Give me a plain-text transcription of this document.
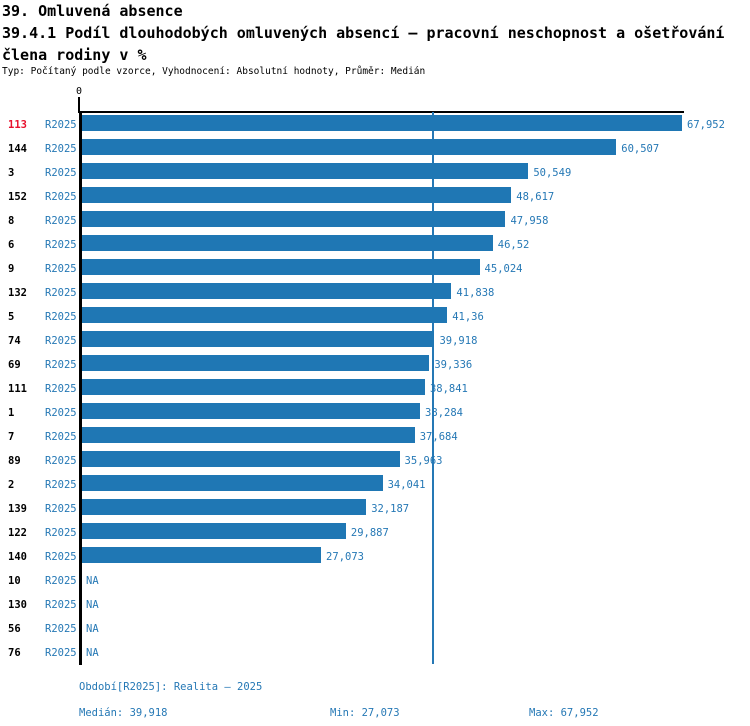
39. Omluvená absence
39.4.1 Podíl dlouhodobých omluvených absencí – pracovní neschopnost a ošetřování
člena rodiny v %
Typ: Počítaný podle vzorce, Vyhodnocení: Absolutní hodnoty, Průměr: Medián
0
113 R2025	67,952
144 R2025	60,507
3	R2025	50,549
152 R2025	48,617
8	R2025	47,958
6	R2025	46,52
9	R2025	45,024
132 R2025	41,838
5	R2025	41,36
74 R2025	39,918
69 R2025	39,336
111 R2025	38,841
1	R2025	38,284
7	R2025	37,684
89 R2025	35,963
2	R2025	34,041
139 R2025	32,187
122 R2025	29,887
140 R2025	27,073
10 R2025 NA
130 R2025 NA
56 R2025 NA
76 R2025 NA
Období[R2025]: Realita – 2025
Medián: 39,918	Min: 27,073	Max: 67,952
